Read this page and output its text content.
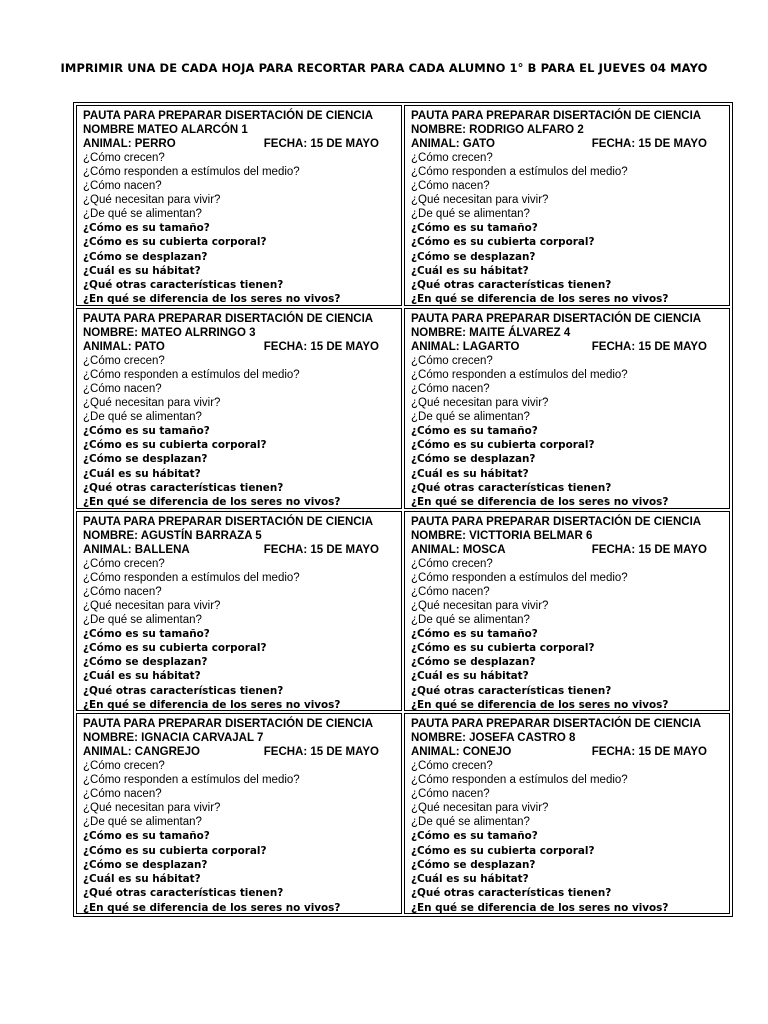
IMPRIMIR UNA DE CADA HOJA PARA RECORTAR PARA CADA ALUMNO 1° B PARA EL JUEVES 04 MAYO
PAUTA PARA PREPARAR DISERTACIÓN DE CIENCIA
NOMBRE MATEO ALARCÓN 1
ANIMAL: PERRO	FECHA: 15 DE MAYO
¿Cómo crecen?
¿Cómo responden a estímulos del medio?
¿Cómo nacen?
¿Qué necesitan para vivir?
¿De qué se alimentan?
¿Cómo es su tamaño?
¿Cómo es su cubierta corporal?
¿Cómo se desplazan?
¿Cuál es su hábitat?
¿Qué otras características tienen?
¿En qué se diferencia de los seres no vivos?
PAUTA PARA PREPARAR DISERTACIÓN DE CIENCIA
NOMBRE: RODRIGO ALFARO 2
ANIMAL: GATO	FECHA: 15 DE MAYO
¿Cómo crecen?
¿Cómo responden a estímulos del medio?
¿Cómo nacen?
¿Qué necesitan para vivir?
¿De qué se alimentan?
¿Cómo es su tamaño?
¿Cómo es su cubierta corporal?
¿Cómo se desplazan?
¿Cuál es su hábitat?
¿Qué otras características tienen?
¿En qué se diferencia de los seres no vivos?
PAUTA PARA PREPARAR DISERTACIÓN DE CIENCIA
NOMBRE: MATEO ALRRINGO 3
ANIMAL: PATO	FECHA: 15 DE MAYO
¿Cómo crecen?
¿Cómo responden a estímulos del medio?
¿Cómo nacen?
¿Qué necesitan para vivir?
¿De qué se alimentan?
¿Cómo es su tamaño?
¿Cómo es su cubierta corporal?
¿Cómo se desplazan?
¿Cuál es su hábitat?
¿Qué otras características tienen?
¿En qué se diferencia de los seres no vivos?
PAUTA PARA PREPARAR DISERTACIÓN DE CIENCIA
NOMBRE: MAITE ÁLVAREZ 4
ANIMAL: LAGARTO	FECHA: 15 DE MAYO
¿Cómo crecen?
¿Cómo responden a estímulos del medio?
¿Cómo nacen?
¿Qué necesitan para vivir?
¿De qué se alimentan?
¿Cómo es su tamaño?
¿Cómo es su cubierta corporal?
¿Cómo se desplazan?
¿Cuál es su hábitat?
¿Qué otras características tienen?
¿En qué se diferencia de los seres no vivos?
PAUTA PARA PREPARAR DISERTACIÓN DE CIENCIA
NOMBRE: AGUSTÍN BARRAZA 5
ANIMAL: BALLENA	FECHA: 15 DE MAYO
¿Cómo crecen?
¿Cómo responden a estímulos del medio?
¿Cómo nacen?
¿Qué necesitan para vivir?
¿De qué se alimentan?
¿Cómo es su tamaño?
¿Cómo es su cubierta corporal?
¿Cómo se desplazan?
¿Cuál es su hábitat?
¿Qué otras características tienen?
¿En qué se diferencia de los seres no vivos?
PAUTA PARA PREPARAR DISERTACIÓN DE CIENCIA
NOMBRE: VICTTORIA BELMAR 6
ANIMAL: MOSCA	FECHA: 15 DE MAYO
¿Cómo crecen?
¿Cómo responden a estímulos del medio?
¿Cómo nacen?
¿Qué necesitan para vivir?
¿De qué se alimentan?
¿Cómo es su tamaño?
¿Cómo es su cubierta corporal?
¿Cómo se desplazan?
¿Cuál es su hábitat?
¿Qué otras características tienen?
¿En qué se diferencia de los seres no vivos?
PAUTA PARA PREPARAR DISERTACIÓN DE CIENCIA
NOMBRE: IGNACIA CARVAJAL 7
ANIMAL: CANGREJO	FECHA: 15 DE MAYO
¿Cómo crecen?
¿Cómo responden a estímulos del medio?
¿Cómo nacen?
¿Qué necesitan para vivir?
¿De qué se alimentan?
¿Cómo es su tamaño?
¿Cómo es su cubierta corporal?
¿Cómo se desplazan?
¿Cuál es su hábitat?
¿Qué otras características tienen?
¿En qué se diferencia de los seres no vivos?
PAUTA PARA PREPARAR DISERTACIÓN DE CIENCIA
NOMBRE: JOSEFA CASTRO 8
ANIMAL: CONEJO	FECHA: 15 DE MAYO
¿Cómo crecen?
¿Cómo responden a estímulos del medio?
¿Cómo nacen?
¿Qué necesitan para vivir?
¿De qué se alimentan?
¿Cómo es su tamaño?
¿Cómo es su cubierta corporal?
¿Cómo se desplazan?
¿Cuál es su hábitat?
¿Qué otras características tienen?
¿En qué se diferencia de los seres no vivos?
